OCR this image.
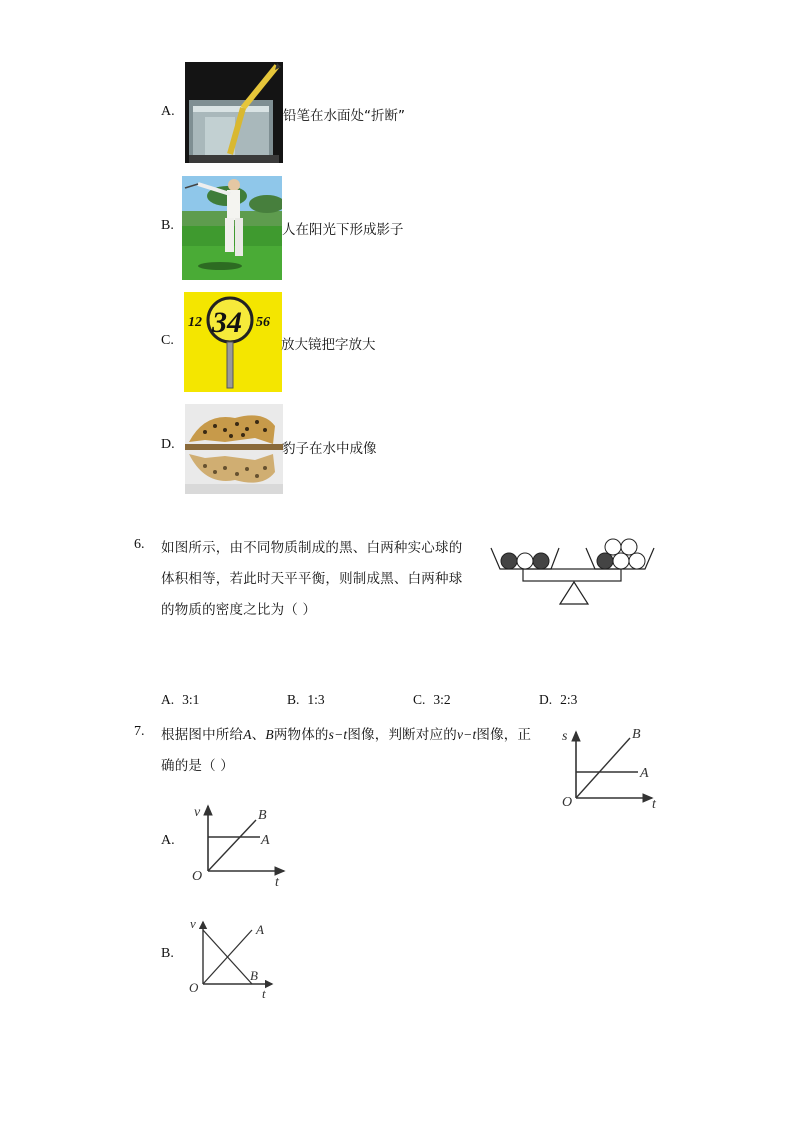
A.	铅笔在水面处“折断”
B.	人在阳光下形成影子
C.
12 34 56
放大镜把字放大
D.	豹子在水中成像
6. 如图所示，由不同物质制成的黑、白两种实心球的
体积相等，若此时天平平衡，则制成黑、白两种球
的物质的密度之比为（ ）
A. 3:1	B. 1:3	C. 3:2	D. 2:3
7. 根据图中所给A、B两物体的s−t图像，判断对应的v−t图像，正
确的是（ ）
s
t
O
B
A
A.
v
t
O
B
A
B.
v
t
O
A
B
